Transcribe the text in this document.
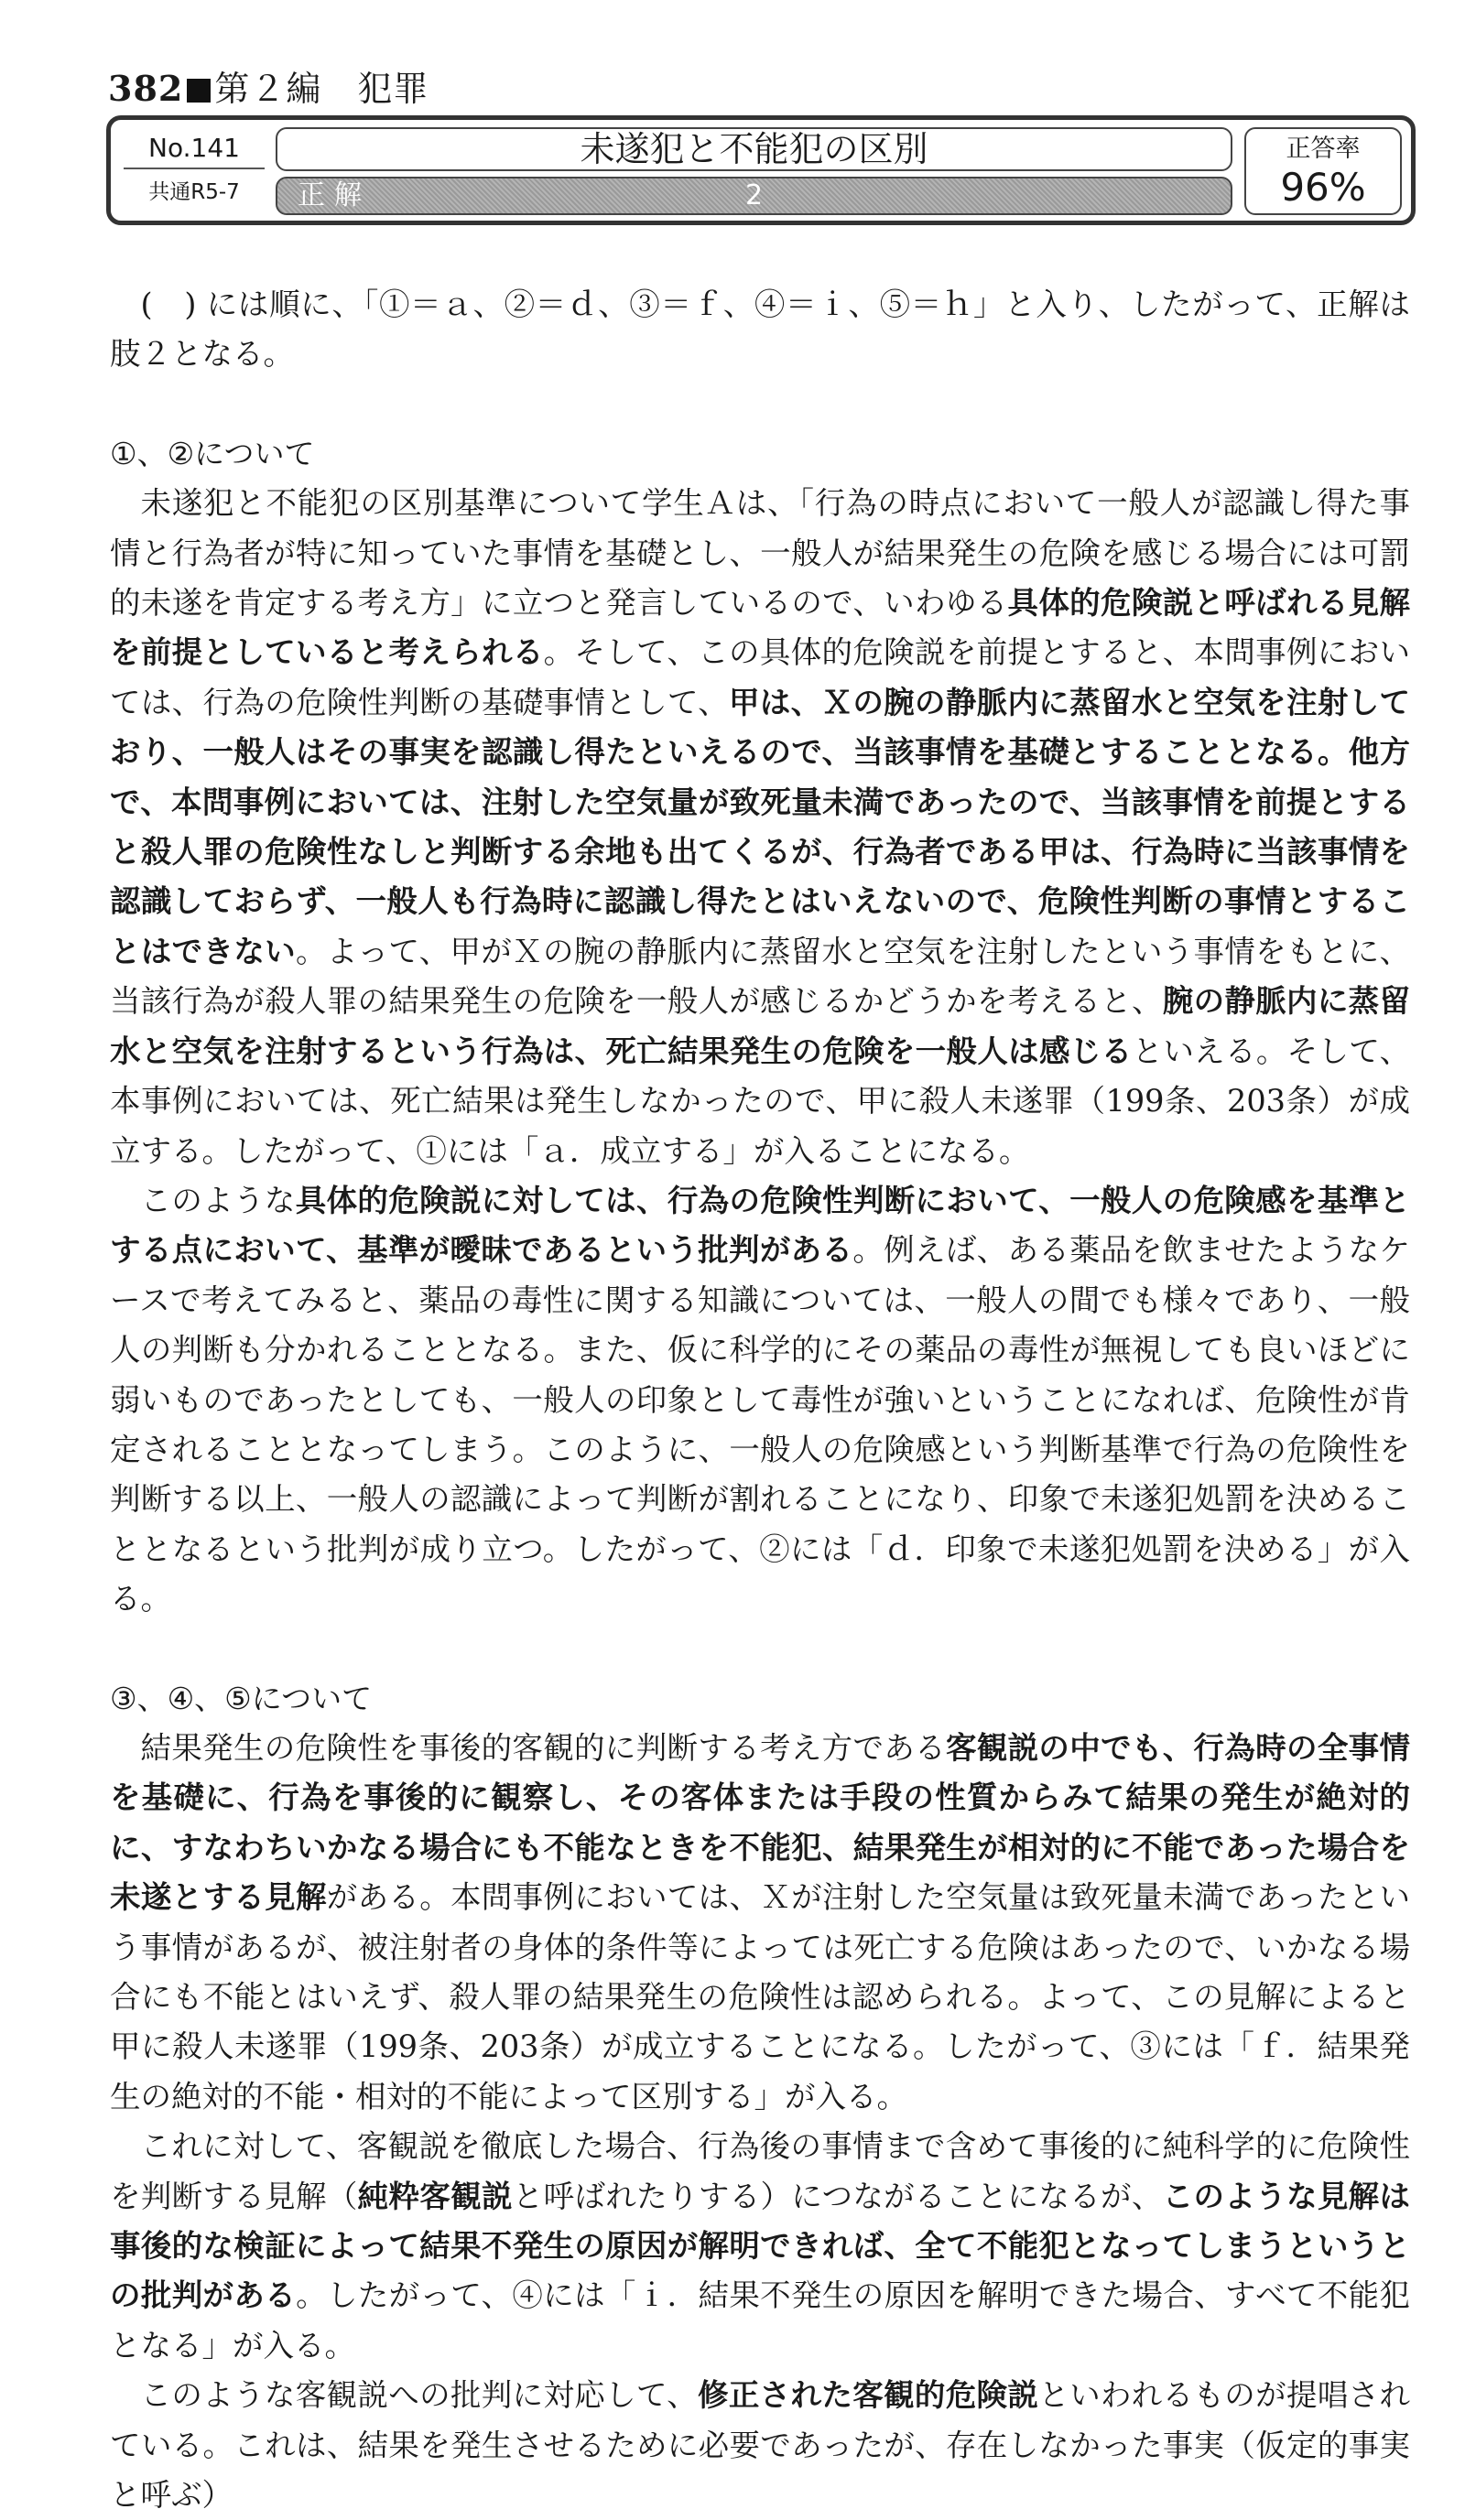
382 第２編　犯罪
No.141
共通R5-7
未遂犯と不能犯の区別
正解	2
正答率
96%

(　) には順に、「①＝ａ、②＝ｄ、③＝ｆ、④＝ｉ、⑤＝ｈ」と入り、したがって、正解は肢２となる。

①、②について

未遂犯と不能犯の区別基準について学生Ａは、「行為の時点において一般人が認識し得た事情と行為者が特に知っていた事情を基礎とし、一般人が結果発生の危険を感じる場合には可罰的未遂を肯定する考え方」に立つと発言しているので、いわゆる具体的危険説と呼ばれる見解を前提としていると考えられる。そして、この具体的危険説を前提とすると、本問事例においては、行為の危険性判断の基礎事情として、甲は、Ｘの腕の静脈内に蒸留水と空気を注射しており、一般人はその事実を認識し得たといえるので、当該事情を基礎とすることとなる。他方で、本問事例においては、注射した空気量が致死量未満であったので、当該事情を前提とすると殺人罪の危険性なしと判断する余地も出てくるが、行為者である甲は、行為時に当該事情を認識しておらず、一般人も行為時に認識し得たとはいえないので、危険性判断の事情とすることはできない。よって、甲がＸの腕の静脈内に蒸留水と空気を注射したという事情をもとに、当該行為が殺人罪の結果発生の危険を一般人が感じるかどうかを考えると、腕の静脈内に蒸留水と空気を注射するという行為は、死亡結果発生の危険を一般人は感じるといえる。そして、本事例においては、死亡結果は発生しなかったので、甲に殺人未遂罪（199条、203条）が成立する。したがって、①には「ａ．成立する」が入ることになる。

このような具体的危険説に対しては、行為の危険性判断において、一般人の危険感を基準とする点において、基準が曖昧であるという批判がある。例えば、ある薬品を飲ませたようなケースで考えてみると、薬品の毒性に関する知識については、一般人の間でも様々であり、一般人の判断も分かれることとなる。また、仮に科学的にその薬品の毒性が無視しても良いほどに弱いものであったとしても、一般人の印象として毒性が強いということになれば、危険性が肯定されることとなってしまう。このように、一般人の危険感という判断基準で行為の危険性を判断する以上、一般人の認識によって判断が割れることになり、印象で未遂犯処罰を決めることとなるという批判が成り立つ。したがって、②には「ｄ．印象で未遂犯処罰を決める」が入る。

③、④、⑤について

結果発生の危険性を事後的客観的に判断する考え方である客観説の中でも、行為時の全事情を基礎に、行為を事後的に観察し、その客体または手段の性質からみて結果の発生が絶対的に、すなわちいかなる場合にも不能なときを不能犯、結果発生が相対的に不能であった場合を未遂とする見解がある。本問事例においては、Ｘが注射した空気量は致死量未満であったという事情があるが、被注射者の身体的条件等によっては死亡する危険はあったので、いかなる場合にも不能とはいえず、殺人罪の結果発生の危険性は認められる。よって、この見解によると甲に殺人未遂罪（199条、203条）が成立することになる。したがって、③には「ｆ．結果発生の絶対的不能・相対的不能によって区別する」が入る。

これに対して、客観説を徹底した場合、行為後の事情まで含めて事後的に純科学的に危険性を判断する見解（純粋客観説と呼ばれたりする）につながることになるが、このような見解は事後的な検証によって結果不発生の原因が解明できれば、全て不能犯となってしまうというとの批判がある。したがって、④には「ｉ．結果不発生の原因を解明できた場合、すべて不能犯となる」が入る。

このような客観説への批判に対応して、修正された客観的危険説といわれるものが提唱されている。これは、結果を発生させるために必要であったが、存在しなかった事実（仮定的事実と呼ぶ）
